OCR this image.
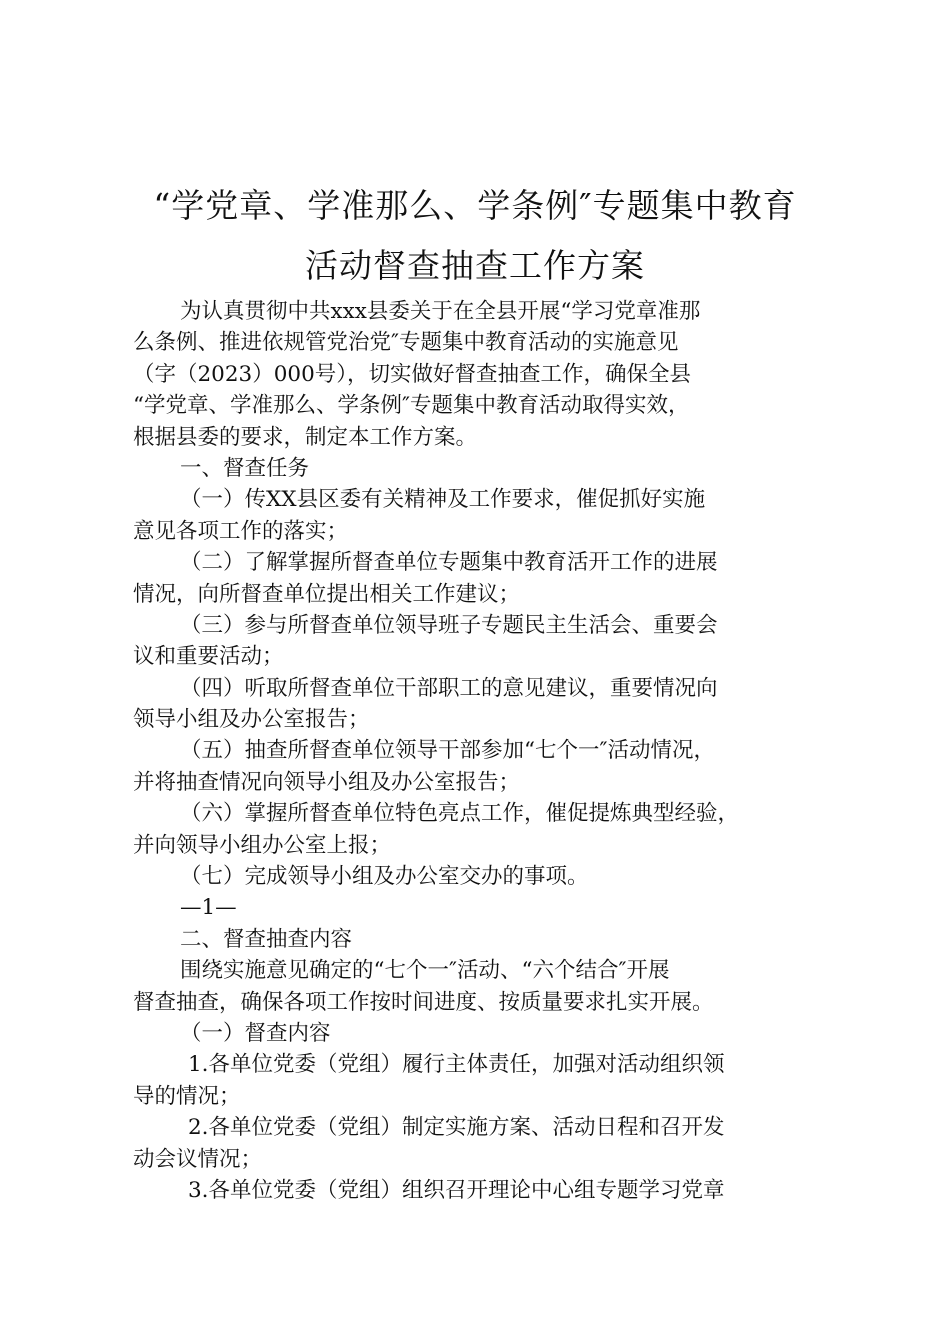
“学党章、学准那么、学条例″专题集中教育
活动督查抽查工作方案
为认真贯彻中共xxx县委关于在全县开展“学习党章准那
么条例、推进依规管党治党″专题集中教育活动的实施意见
（字（2023）000号），切实做好督查抽查工作，确保全县
“学党章、学准那么、学条例″专题集中教育活动取得实效，
根据县委的要求，制定本工作方案。
一、督查任务
（一）传XX县区委有关精神及工作要求，催促抓好实施
意见各项工作的落实；
（二）了解掌握所督查单位专题集中教育活开工作的进展
情况，向所督查单位提出相关工作建议；
（三）参与所督查单位领导班子专题民主生活会、重要会
议和重要活动；
（四）听取所督查单位干部职工的意见建议，重要情况向
领导小组及办公室报告；
（五）抽查所督查单位领导干部参加“七个一″活动情况，
并将抽查情况向领导小组及办公室报告；
（六）掌握所督查单位特色亮点工作，催促提炼典型经验，
并向领导小组办公室上报；
（七）完成领导小组及办公室交办的事项。
—1—
二、督查抽查内容
围绕实施意见确定的“七个一″活动、“六个结合″开展
督查抽查，确保各项工作按时间进度、按质量要求扎实开展。
（一）督查内容
1.各单位党委（党组）履行主体责任，加强对活动组织领
导的情况；
2.各单位党委（党组）制定实施方案、活动日程和召开发
动会议情况；
3.各单位党委（党组）组织召开理论中心组专题学习党章
